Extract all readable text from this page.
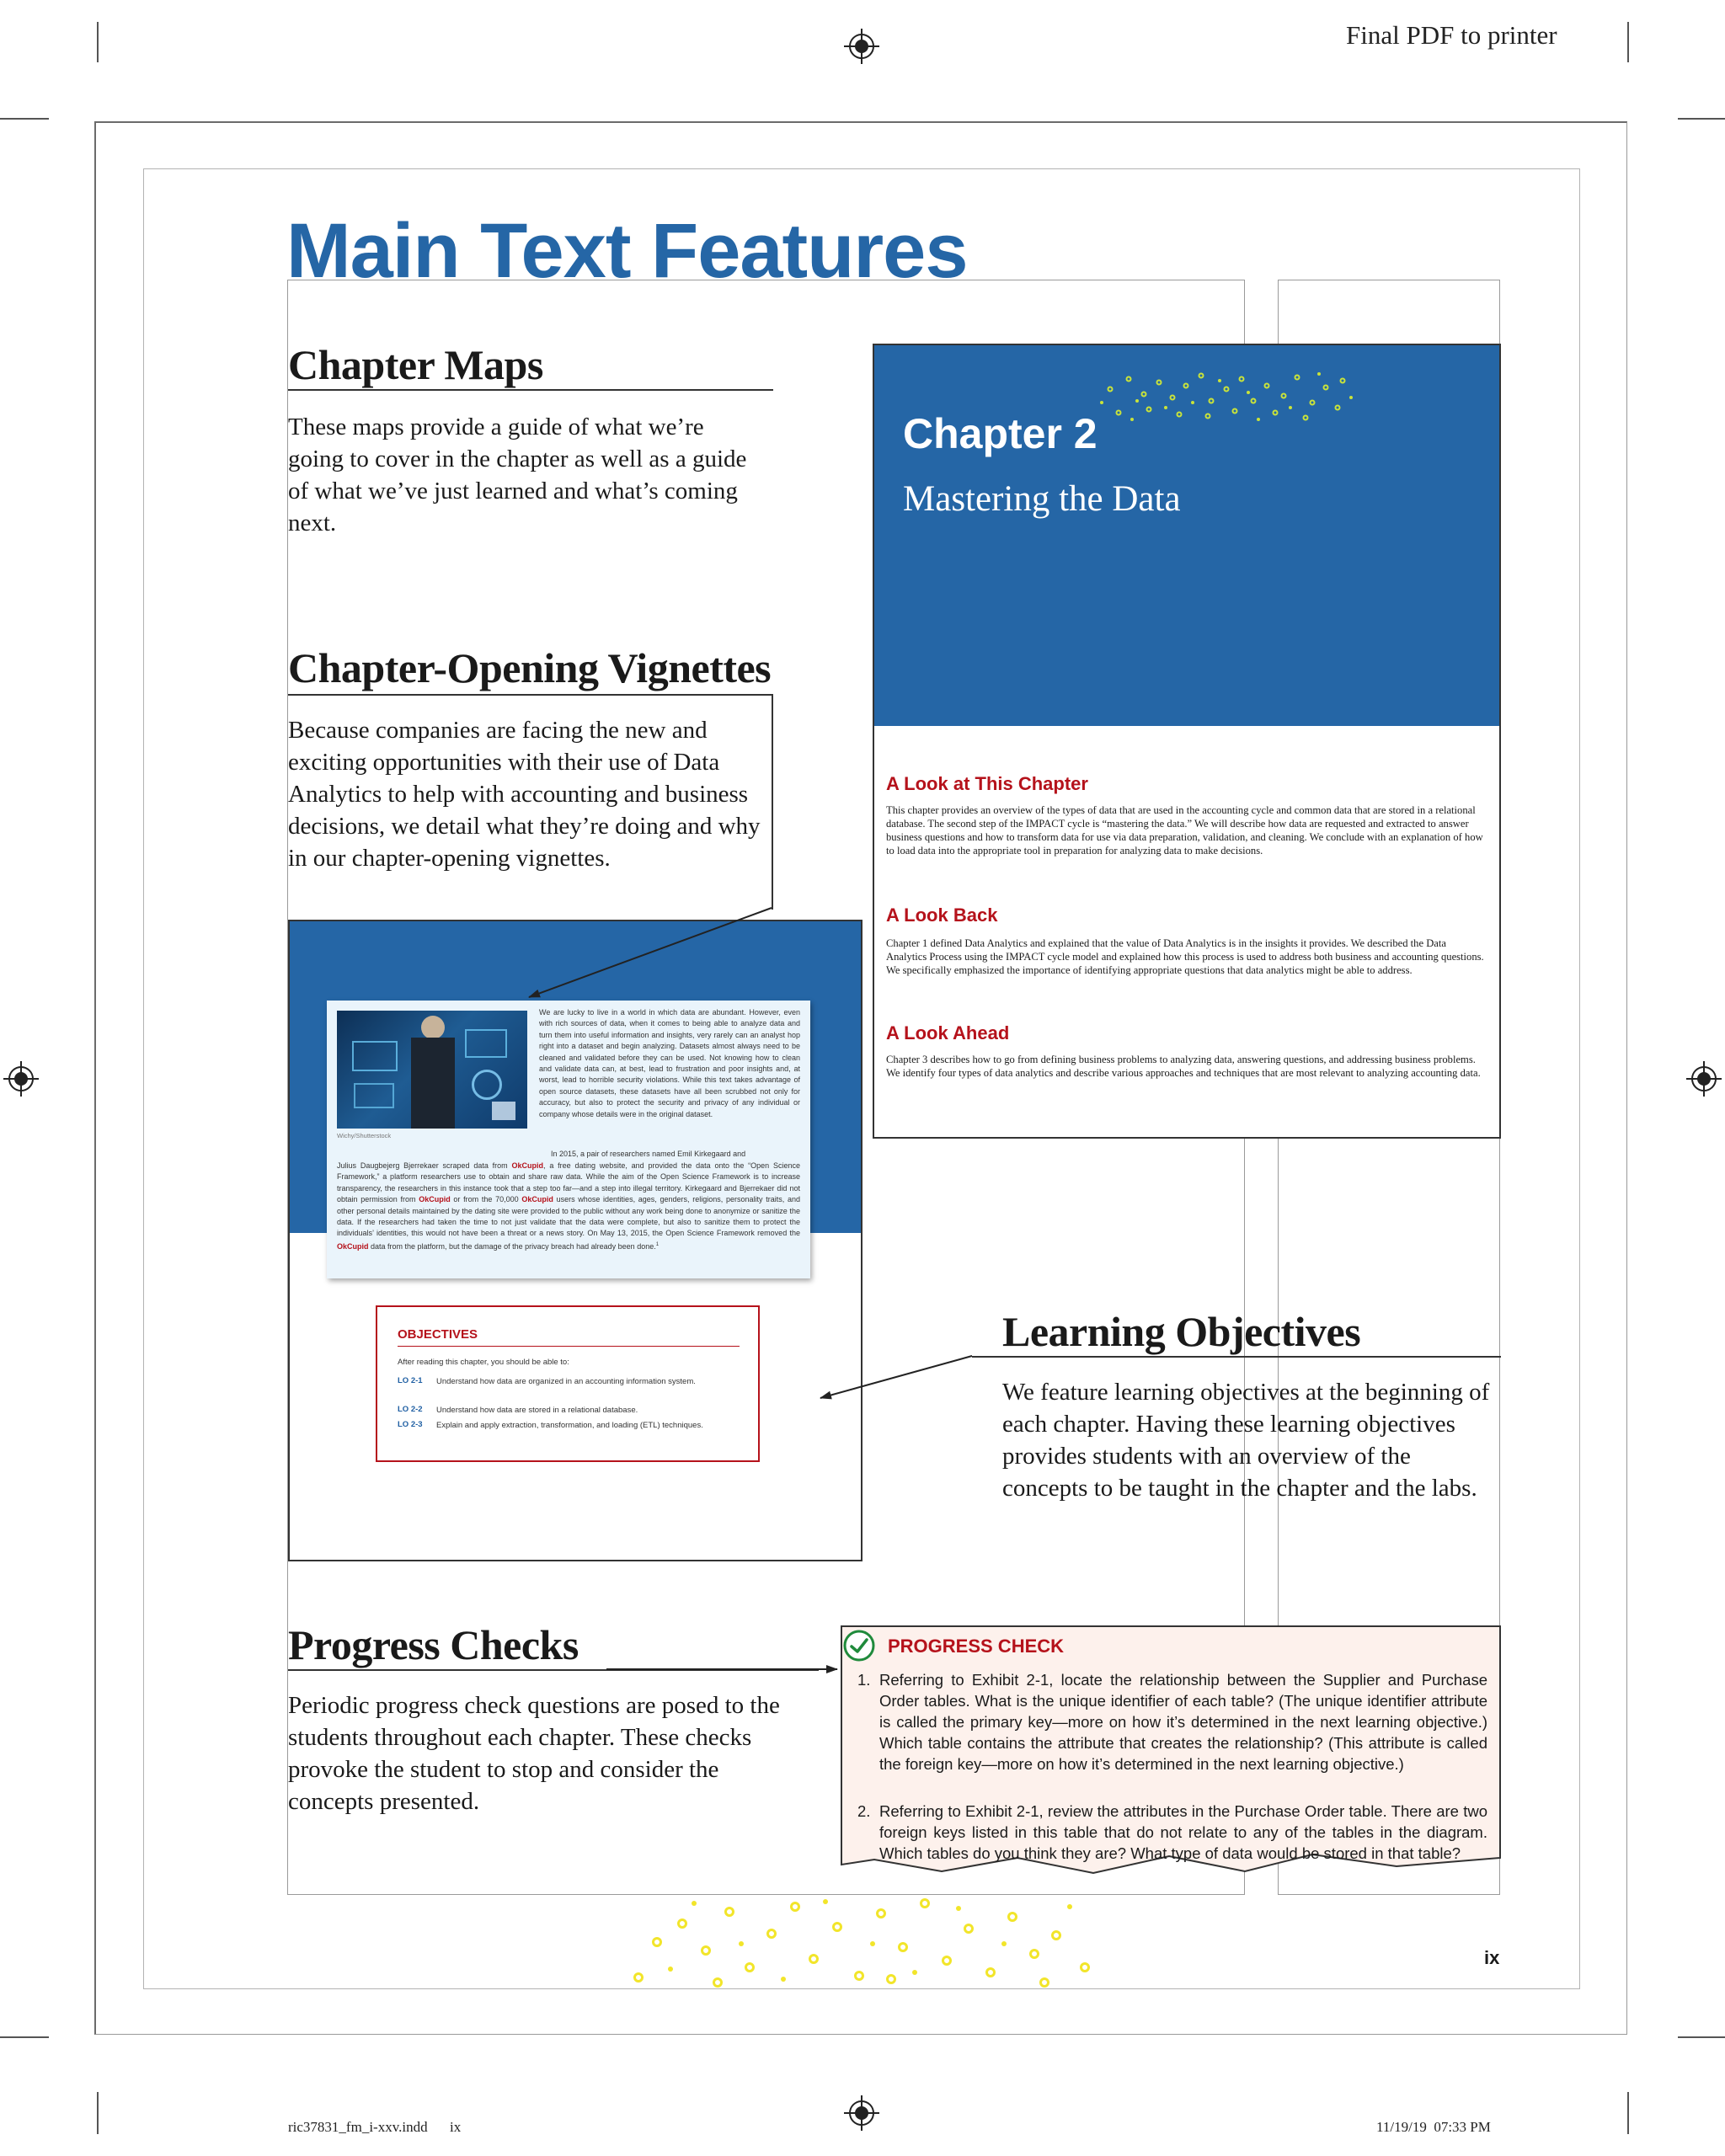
Final PDF to printer
Main Text Features
Chapter Maps

These maps provide a guide of what we’re going to cover in the chapter as well as a guide of what we’ve just learned and what’s coming next.

Chapter-Opening Vignettes

Because companies are facing the new and exciting opportunities with their use of Data Analytics to help with accounting and business decisions, we detail what they’re doing and why in our chapter-opening vignettes.

Chapter 2
Mastering the Data
A Look at This Chapter

This chapter provides an overview of the types of data that are used in the accounting cycle and common data that are stored in a relational database. The second step of the IMPACT cycle is “mastering the data.” We will describe how data are requested and extracted to answer business questions and how to transform data for use via data preparation, validation, and cleaning. We conclude with an explanation of how to load data into the appropriate tool in preparation for analyzing data to make decisions.

A Look Back

Chapter 1 defined Data Analytics and explained that the value of Data Analytics is in the insights it provides. We described the Data Analytics Process using the IMPACT cycle model and explained how this process is used to address both business and accounting questions. We specifically emphasized the importance of identifying appropriate questions that data analytics might be able to address.

A Look Ahead

Chapter 3 describes how to go from defining business problems to analyzing data, answering questions, and addressing business problems. We identify four types of data analytics and describe various approaches and techniques that are most relevant to analyzing accounting data.

Wichy/Shutterstock
We are lucky to live in a world in which data are abundant. However, even with rich sources of data, when it comes to being able to analyze data and turn them into useful information and insights, very rarely can an analyst hop right into a dataset and begin analyzing. Datasets almost always need to be cleaned and validated before they can be used. Not knowing how to clean and validate data can, at best, lead to frustration and poor insights and, at worst, lead to horrible security violations. While this text takes advantage of open source datasets, these datasets have all been scrubbed not only for accuracy, but also to protect the security and privacy of any individual or company whose details were in the original dataset.
In 2015, a pair of researchers named Emil Kirkegaard and
Julius Daugbejerg Bjerrekaer scraped data from OkCupid, a free dating website, and provided the data onto the “Open Science Framework,” a platform researchers use to obtain and share raw data. While the aim of the Open Science Framework is to increase transparency, the researchers in this instance took that a step too far—and a step into illegal territory. Kirkegaard and Bjerrekaer did not obtain permission from OkCupid or from the 70,000 OkCupid users whose identities, ages, genders, religions, personality traits, and other personal details maintained by the dating site were provided to the public without any work being done to anonymize or sanitize the data. If the researchers had taken the time to not just validate that the data were complete, but also to sanitize them to protect the individuals’ identities, this would not have been a threat or a news story. On May 13, 2015, the Open Science Framework removed the OkCupid data from the platform, but the damage of the privacy breach had already been done.$^1$
OBJECTIVES
After reading this chapter, you should be able to:
LO 2-1 Understand how data are organized in an accounting information system.
LO 2-2 Understand how data are stored in a relational database.
LO 2-3 Explain and apply extraction, transformation, and loading (ETL) techniques.
Learning Objectives

We feature learning objectives at the beginning of each chapter. Having these learning objectives provides students with an overview of the concepts to be taught in the chapter and the labs.

Progress Checks

Periodic progress check questions are posed to the students throughout each chapter. These checks provoke the student to stop and consider the concepts presented.

PROGRESS CHECK
1. Referring to Exhibit 2-1, locate the relationship between the Supplier and Purchase Order tables. What is the unique identifier of each table? (The unique identifier attribute is called the primary key—more on how it’s determined in the next learning objective.) Which table contains the attribute that creates the relationship? (This attribute is called the foreign key—more on how it’s determined in the next learning objective.)
2. Referring to Exhibit 2-1, review the attributes in the Purchase Order table. There are two foreign keys listed in this table that do not relate to any of the tables in the diagram. Which tables do you think they are? What type of data would be stored in that table?
ix
ric37831_fm_i-xxv.indd ix	11/19/19  07:33 PM
